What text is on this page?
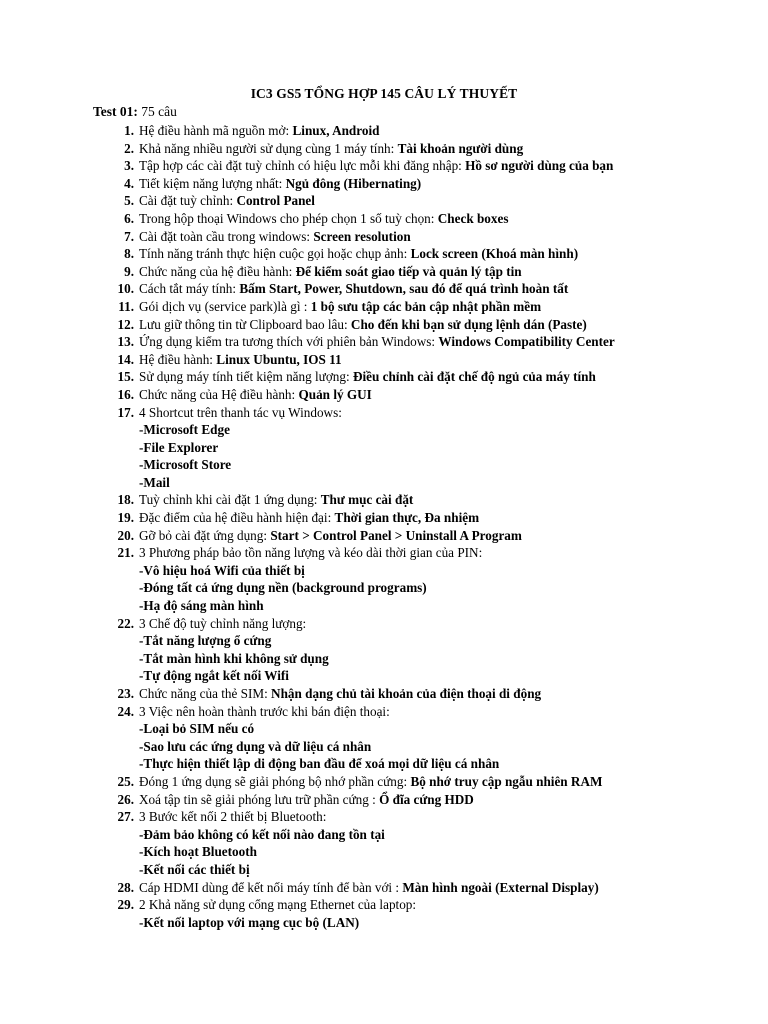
IC3 GS5 TỔNG HỢP 145 CÂU LÝ THUYẾT
Test 01: 75 câu
1. Hệ điều hành mã nguồn mở: Linux, Android
2. Khả năng nhiều người sử dụng cùng 1 máy tính: Tài khoản người dùng
3. Tập hợp các cài đặt tuỳ chỉnh có hiệu lực mỗi khi đăng nhập: Hồ sơ người dùng của bạn
4. Tiết kiệm năng lượng nhất: Ngủ đông (Hibernating)
5. Cài đặt tuỳ chỉnh: Control Panel
6. Trong hộp thoại Windows cho phép chọn 1 số tuỳ chọn: Check boxes
7. Cài đặt toàn cầu trong windows: Screen resolution
8. Tính năng tránh thực hiện cuộc gọi hoặc chụp ảnh: Lock screen (Khoá màn hình)
9. Chức năng của hệ điều hành: Để kiểm soát giao tiếp và quản lý tập tin
10. Cách tắt máy tính: Bấm Start, Power, Shutdown, sau đó để quá trình hoàn tất
11. Gói dịch vụ (service park)là gì : 1 bộ sưu tập các bản cập nhật phần mềm
12. Lưu giữ thông tin từ Clipboard bao lâu: Cho đến khi bạn sử dụng lệnh dán (Paste)
13. Ứng dụng kiểm tra tương thích với phiên bản Windows: Windows Compatibility Center
14. Hệ điều hành: Linux Ubuntu, IOS 11
15. Sử dụng máy tính tiết kiệm năng lượng: Điều chỉnh cài đặt chế độ ngủ của máy tính
16. Chức năng của Hệ điều hành: Quản lý GUI
17. 4 Shortcut trên thanh tác vụ Windows:
-Microsoft Edge
-File Explorer
-Microsoft Store
-Mail
18. Tuỳ chỉnh khi cài đặt 1 ứng dụng: Thư mục cài đặt
19. Đặc điểm của hệ điều hành hiện đại: Thời gian thực, Đa nhiệm
20. Gỡ bỏ cài đặt ứng dụng: Start > Control Panel > Uninstall A Program
21. 3 Phương pháp bảo tồn năng lượng và kéo dài thời gian của PIN:
-Vô hiệu hoá Wifi của thiết bị
-Đóng tất cả ứng dụng nền (background programs)
-Hạ độ sáng màn hình
22. 3 Chế độ tuỳ chỉnh năng lượng:
-Tắt năng lượng ổ cứng
-Tắt màn hình khi không sử dụng
-Tự động ngắt kết nối Wifi
23. Chức năng của thẻ SIM: Nhận dạng chủ tài khoản của điện thoại di động
24. 3 Việc nên hoàn thành trước khi bán điện thoại:
-Loại bỏ SIM nếu có
-Sao lưu các ứng dụng và dữ liệu cá nhân
-Thực hiện thiết lập di động ban đầu để xoá mọi dữ liệu cá nhân
25. Đóng 1 ứng dụng sẽ giải phóng bộ nhớ phần cứng: Bộ nhớ truy cập ngẫu nhiên RAM
26. Xoá tập tin sẽ giải phóng lưu trữ phần cứng : Ổ đĩa cứng HDD
27. 3 Bước kết nối 2 thiết bị Bluetooth:
-Đảm bảo không có kết nối nào đang tồn tại
-Kích hoạt Bluetooth
-Kết nối các thiết bị
28. Cáp HDMI dùng để kết nối máy tính để bàn với : Màn hình ngoài (External Display)
29. 2 Khả năng sử dụng cổng mạng Ethernet của laptop:
-Kết nối laptop với mạng cục bộ (LAN)
